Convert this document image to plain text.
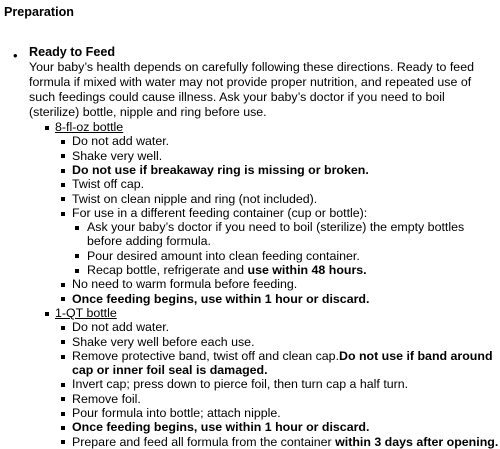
Preparation
• Ready to Feed
Your baby’s health depends on carefully following these directions. Ready to feed
formula if mixed with water may not provide proper nutrition, and repeated use of
such feedings could cause illness. Ask your baby’s doctor if you need to boil
(sterilize) bottle, nipple and ring before use.
8-fl-oz bottle
Do not add water.
Shake very well.
Do not use if breakaway ring is missing or broken.
Twist off cap.
Twist on clean nipple and ring (not included).
For use in a different feeding container (cup or bottle):
Ask your baby’s doctor if you need to boil (sterilize) the empty bottles
before adding formula.
Pour desired amount into clean feeding container.
Recap bottle, refrigerate and use within 48 hours.
No need to warm formula before feeding.
Once feeding begins, use within 1 hour or discard.
1-QT bottle
Do not add water.
Shake very well before each use.
Remove protective band, twist off and clean cap.Do not use if band around
cap or inner foil seal is damaged.
Invert cap; press down to pierce foil, then turn cap a half turn.
Remove foil.
Pour formula into bottle; attach nipple.
Once feeding begins, use within 1 hour or discard.
Prepare and feed all formula from the container within 3 days after opening.
